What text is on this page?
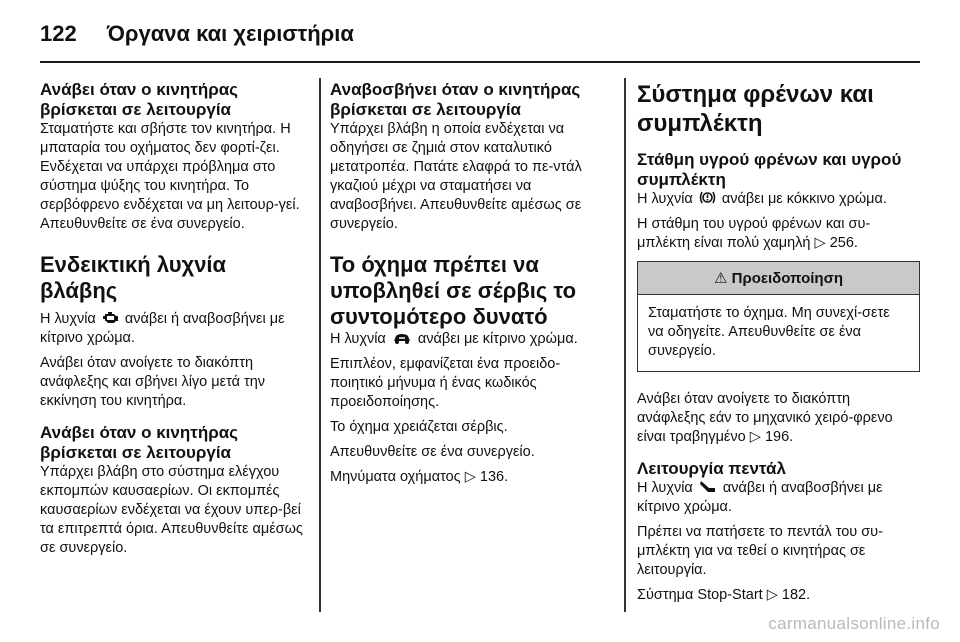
122 Όργανα και χειριστήρια
Ανάβει όταν ο κινητήρας βρίσκεται σε λειτουργία

Σταματήστε και σβήστε τον κινητήρα. Η μπαταρία του οχήματος δεν φορτί-ζει. Ενδέχεται να υπάρχει πρόβλημα στο σύστημα ψύξης του κινητήρα. Το σερβόφρενο ενδέχεται να μη λειτουρ-γεί. Απευθυνθείτε σε ένα συνεργείο.

Ενδεικτική λυχνία βλάβης

Η λυχνία ανάβει ή αναβοσβήνει με κίτρινο χρώμα.

Ανάβει όταν ανοίγετε το διακόπτη ανάφλεξης και σβήνει λίγο μετά την εκκίνηση του κινητήρα.

Ανάβει όταν ο κινητήρας βρίσκεται σε λειτουργία

Υπάρχει βλάβη στο σύστημα ελέγχου εκπομπών καυσαερίων. Οι εκπομπές καυσαερίων ενδέχεται να έχουν υπερ-βεί τα επιτρεπτά όρια. Απευθυνθείτε αμέσως σε συνεργείο.

Αναβοσβήνει όταν ο κινητήρας βρίσκεται σε λειτουργία

Υπάρχει βλάβη η οποία ενδέχεται να οδηγήσει σε ζημιά στον καταλυτικό μετατροπέα. Πατάτε ελαφρά το πε-ντάλ γκαζιού μέχρι να σταματήσει να αναβοσβήνει. Απευθυνθείτε αμέσως σε συνεργείο.

Το όχημα πρέπει να υποβληθεί σε σέρβις το συντομότερο δυνατό

Η λυχνία ανάβει με κίτρινο χρώμα.

Επιπλέον, εμφανίζεται ένα προειδο-ποιητικό μήνυμα ή ένας κωδικός προειδοποίησης.

Το όχημα χρειάζεται σέρβις.

Απευθυνθείτε σε ένα συνεργείο.

Μηνύματα οχήματος ▷ 136.

Σύστημα φρένων και συμπλέκτη
Στάθμη υγρού φρένων και υγρού συμπλέκτη

Η λυχνία ανάβει με κόκκινο χρώμα.

Η στάθμη του υγρού φρένων και συ-μπλέκτη είναι πολύ χαμηλή ▷ 256.

⚠ Προειδοποίηση

Σταματήστε το όχημα. Μη συνεχί-σετε να οδηγείτε. Απευθυνθείτε σε ένα συνεργείο.

Ανάβει όταν ανοίγετε το διακόπτη ανάφλεξης εάν το μηχανικό χειρό-φρενο είναι τραβηγμένο ▷ 196.

Λειτουργία πεντάλ

Η λυχνία ανάβει ή αναβοσβήνει με κίτρινο χρώμα.

Πρέπει να πατήσετε το πεντάλ του συ-μπλέκτη για να τεθεί ο κινητήρας σε λειτουργία.

Σύστημα Stop-Start ▷ 182.

carmanualsonline.info
